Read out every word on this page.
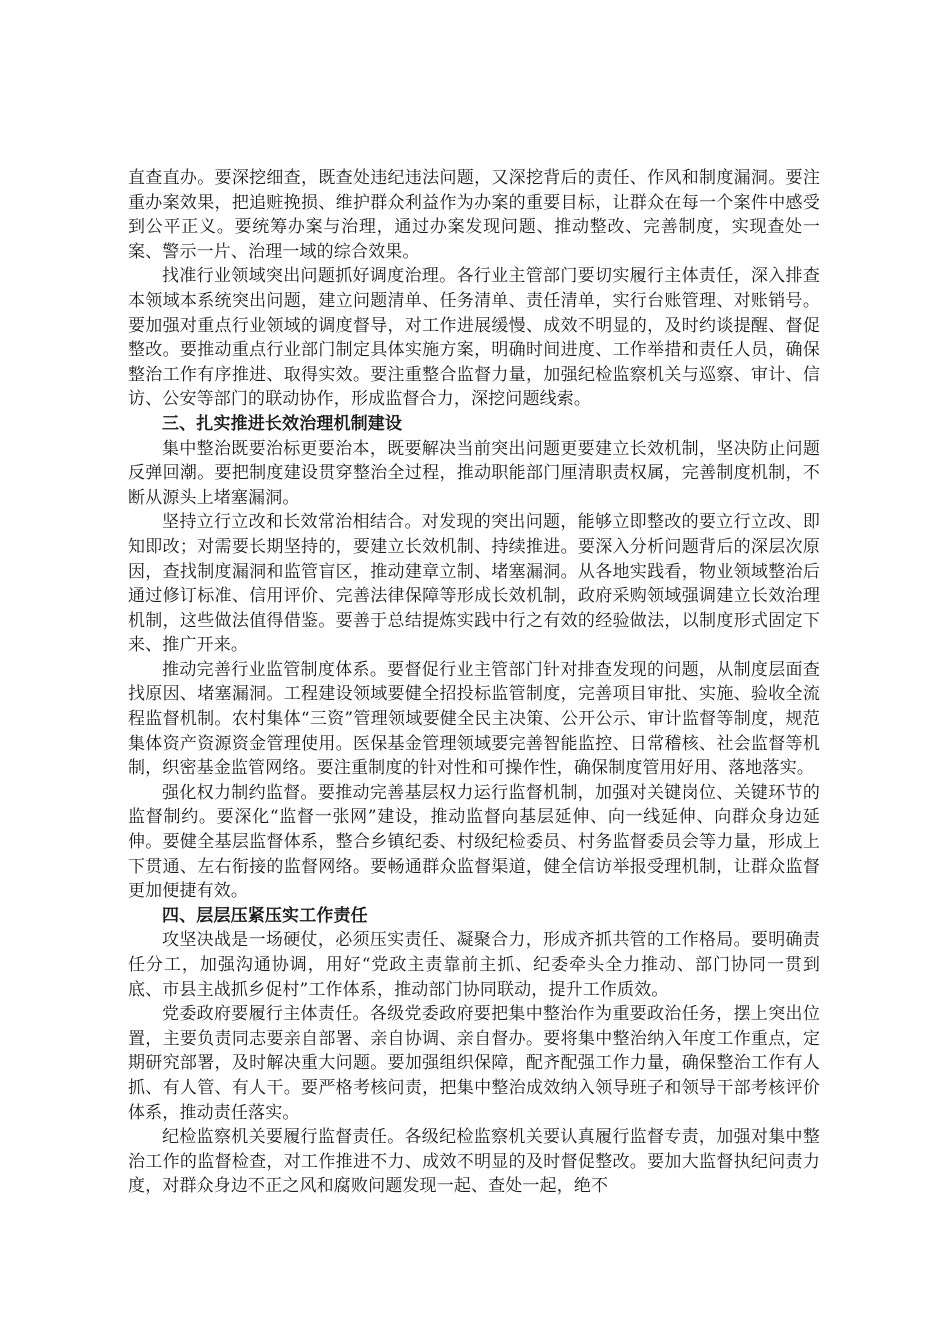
直查直办。要深挖细查，既查处违纪违法问题，又深挖背后的责任、作风和制度漏洞。要注重办案效果，把追赃挽损、维护群众利益作为办案的重要目标，让群众在每一个案件中感受到公平正义。要统筹办案与治理，通过办案发现问题、推动整改、完善制度，实现查处一案、警示一片、治理一域的综合效果。

找准行业领域突出问题抓好调度治理。各行业主管部门要切实履行主体责任，深入排查本领域本系统突出问题，建立问题清单、任务清单、责任清单，实行台账管理、对账销号。要加强对重点行业领域的调度督导，对工作进展缓慢、成效不明显的，及时约谈提醒、督促整改。要推动重点行业部门制定具体实施方案，明确时间进度、工作举措和责任人员，确保整治工作有序推进、取得实效。要注重整合监督力量，加强纪检监察机关与巡察、审计、信访、公安等部门的联动协作，形成监督合力，深挖问题线索。

三、扎实推进长效治理机制建设

集中整治既要治标更要治本，既要解决当前突出问题更要建立长效机制，坚决防止问题反弹回潮。要把制度建设贯穿整治全过程，推动职能部门厘清职责权属，完善制度机制，不断从源头上堵塞漏洞。

坚持立行立改和长效常治相结合。对发现的突出问题，能够立即整改的要立行立改、即知即改；对需要长期坚持的，要建立长效机制、持续推进。要深入分析问题背后的深层次原因，查找制度漏洞和监管盲区，推动建章立制、堵塞漏洞。从各地实践看，物业领域整治后通过修订标准、信用评价、完善法律保障等形成长效机制，政府采购领域强调建立长效治理机制，这些做法值得借鉴。要善于总结提炼实践中行之有效的经验做法，以制度形式固定下来、推广开来。

推动完善行业监管制度体系。要督促行业主管部门针对排查发现的问题，从制度层面查找原因、堵塞漏洞。工程建设领域要健全招投标监管制度，完善项目审批、实施、验收全流程监督机制。农村集体“三资”管理领域要健全民主决策、公开公示、审计监督等制度，规范集体资产资源资金管理使用。医保基金管理领域要完善智能监控、日常稽核、社会监督等机制，织密基金监管网络。要注重制度的针对性和可操作性，确保制度管用好用、落地落实。

强化权力制约监督。要推动完善基层权力运行监督机制，加强对关键岗位、关键环节的监督制约。要深化“监督一张网”建设，推动监督向基层延伸、向一线延伸、向群众身边延伸。要健全基层监督体系，整合乡镇纪委、村级纪检委员、村务监督委员会等力量，形成上下贯通、左右衔接的监督网络。要畅通群众监督渠道，健全信访举报受理机制，让群众监督更加便捷有效。

四、层层压紧压实工作责任

攻坚决战是一场硬仗，必须压实责任、凝聚合力，形成齐抓共管的工作格局。要明确责任分工，加强沟通协调，用好“党政主责靠前主抓、纪委牵头全力推动、部门协同一贯到底、市县主战抓乡促村”工作体系，推动部门协同联动，提升工作质效。

党委政府要履行主体责任。各级党委政府要把集中整治作为重要政治任务，摆上突出位置，主要负责同志要亲自部署、亲自协调、亲自督办。要将集中整治纳入年度工作重点，定期研究部署，及时解决重大问题。要加强组织保障，配齐配强工作力量，确保整治工作有人抓、有人管、有人干。要严格考核问责，把集中整治成效纳入领导班子和领导干部考核评价体系，推动责任落实。

纪检监察机关要履行监督责任。各级纪检监察机关要认真履行监督专责，加强对集中整治工作的监督检查，对工作推进不力、成效不明显的及时督促整改。要加大监督执纪问责力度，对群众身边不正之风和腐败问题发现一起、查处一起，绝不
